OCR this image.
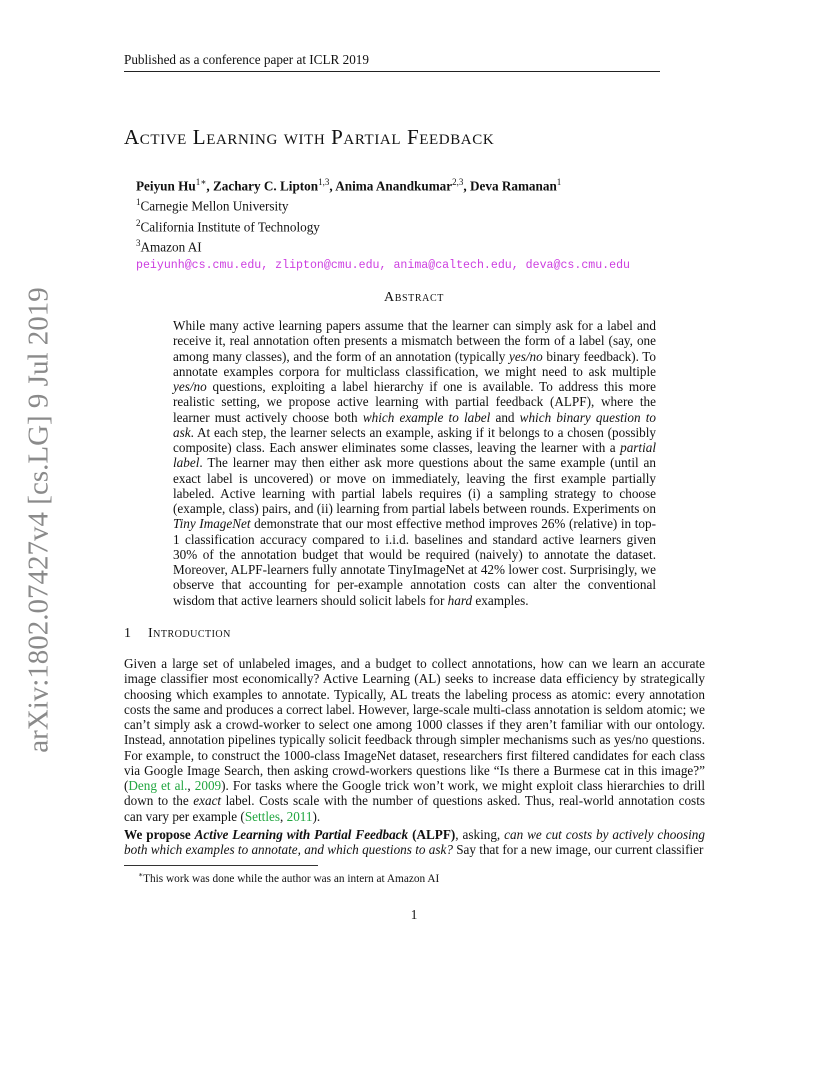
Published as a conference paper at ICLR 2019
Active Learning with Partial Feedback
Peiyun $Hu^{1∗}$, Zachary C. Lipton$^{1,3}$, Anima Anandkumar$^{2,3}$, Deva Ramanan$^1$
$^1$Carnegie Mellon University
$^2$California Institute of Technology
$^3$Amazon AI
peiyunh@cs.cmu.edu, zlipton@cmu.edu, anima@caltech.edu, deva@cs.cmu.edu
Abstract
While many active learning papers assume that the learner can simply ask for a label and receive it, real annotation often presents a mismatch between the form of a label (say, one among many classes), and the form of an annotation (typically yes/no binary feedback). To annotate examples corpora for multiclass classification, we might need to ask multiple yes/no questions, exploiting a label hierarchy if one is available. To address this more realistic setting, we propose active learning with partial feedback (ALPF), where the learner must actively choose both which example to label and which binary question to ask. At each step, the learner selects an example, asking if it belongs to a chosen (possibly composite) class. Each answer eliminates some classes, leaving the learner with a partial label. The learner may then either ask more questions about the same example (until an exact label is uncovered) or move on immediately, leaving the first example partially labeled. Active learning with partial labels requires (i) a sampling strategy to choose (example, class) pairs, and (ii) learning from partial labels between rounds. Experiments on Tiny ImageNet demonstrate that our most effective method improves 26% (relative) in top-1 classification accuracy compared to i.i.d. baselines and standard active learners given 30% of the annotation budget that would be required (naively) to annotate the dataset. Moreover, ALPF-learners fully annotate TinyImageNet at 42% lower cost. Surprisingly, we observe that accounting for per-example annotation costs can alter the conventional wisdom that active learners should solicit labels for hard examples.
1 Introduction
Given a large set of unlabeled images, and a budget to collect annotations, how can we learn an accurate image classifier most economically? Active Learning (AL) seeks to increase data efficiency by strategically choosing which examples to annotate. Typically, AL treats the labeling process as atomic: every annotation costs the same and produces a correct label. However, large-scale multi-class annotation is seldom atomic; we can’t simply ask a crowd-worker to select one among 1000 classes if they aren’t familiar with our ontology. Instead, annotation pipelines typically solicit feedback through simpler mechanisms such as yes/no questions. For example, to construct the 1000-class ImageNet dataset, researchers first filtered candidates for each class via Google Image Search, then asking crowd-workers questions like “Is there a Burmese cat in this image?” (Deng et al., 2009). For tasks where the Google trick won’t work, we might exploit class hierarchies to drill down to the exact label. Costs scale with the number of questions asked. Thus, real-world annotation costs can vary per example (Settles, 2011).
We propose Active Learning with Partial Feedback (ALPF), asking, can we cut costs by actively choosing both which examples to annotate, and which questions to ask? Say that for a new image, our current classifier
∗This work was done while the author was an intern at Amazon AI
1
arXiv:1802.07427v4 [cs.LG] 9 Jul 2019
